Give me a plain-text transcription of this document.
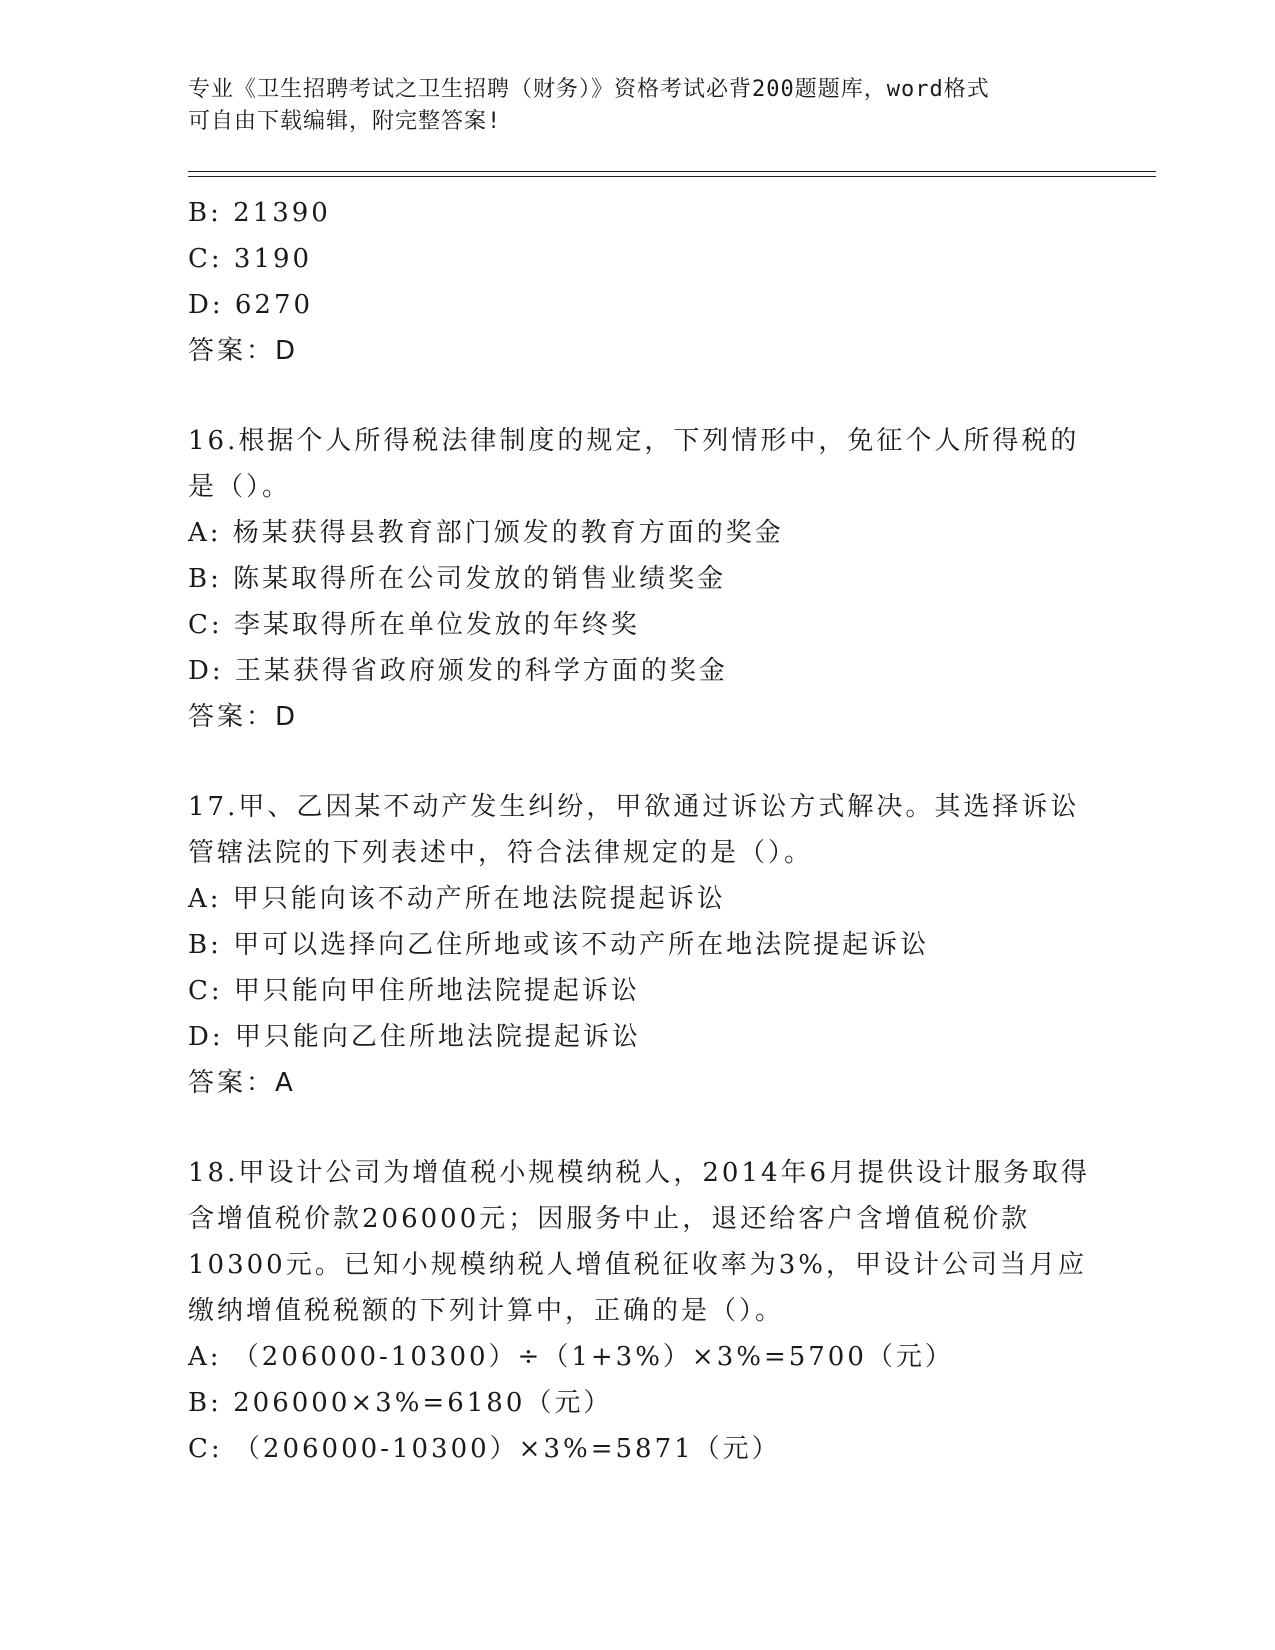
专业《卫生招聘考试之卫生招聘（财务）》资格考试必背200题题库，word格式
可自由下载编辑，附完整答案!
B: 21390
C: 3190
D: 6270
答案：D
16.根据个人所得税法律制度的规定，下列情形中，免征个人所得税的
是（）。
A: 杨某获得县教育部门颁发的教育方面的奖金
B: 陈某取得所在公司发放的销售业绩奖金
C: 李某取得所在单位发放的年终奖
D: 王某获得省政府颁发的科学方面的奖金
答案：D
17.甲、乙因某不动产发生纠纷，甲欲通过诉讼方式解决。其选择诉讼
管辖法院的下列表述中，符合法律规定的是（）。
A: 甲只能向该不动产所在地法院提起诉讼
B: 甲可以选择向乙住所地或该不动产所在地法院提起诉讼
C: 甲只能向甲住所地法院提起诉讼
D: 甲只能向乙住所地法院提起诉讼
答案：A
18.甲设计公司为增值税小规模纳税人，2014年6月提供设计服务取得
含增值税价款206000元；因服务中止，退还给客户含增值税价款
10300元。已知小规模纳税人增值税征收率为3%，甲设计公司当月应
缴纳增值税税额的下列计算中，正确的是（）。
A: （206000-10300）÷（1+3%）×3%=5700（元）
B: 206000×3%=6180（元）
C: （206000-10300）×3%=5871（元）
